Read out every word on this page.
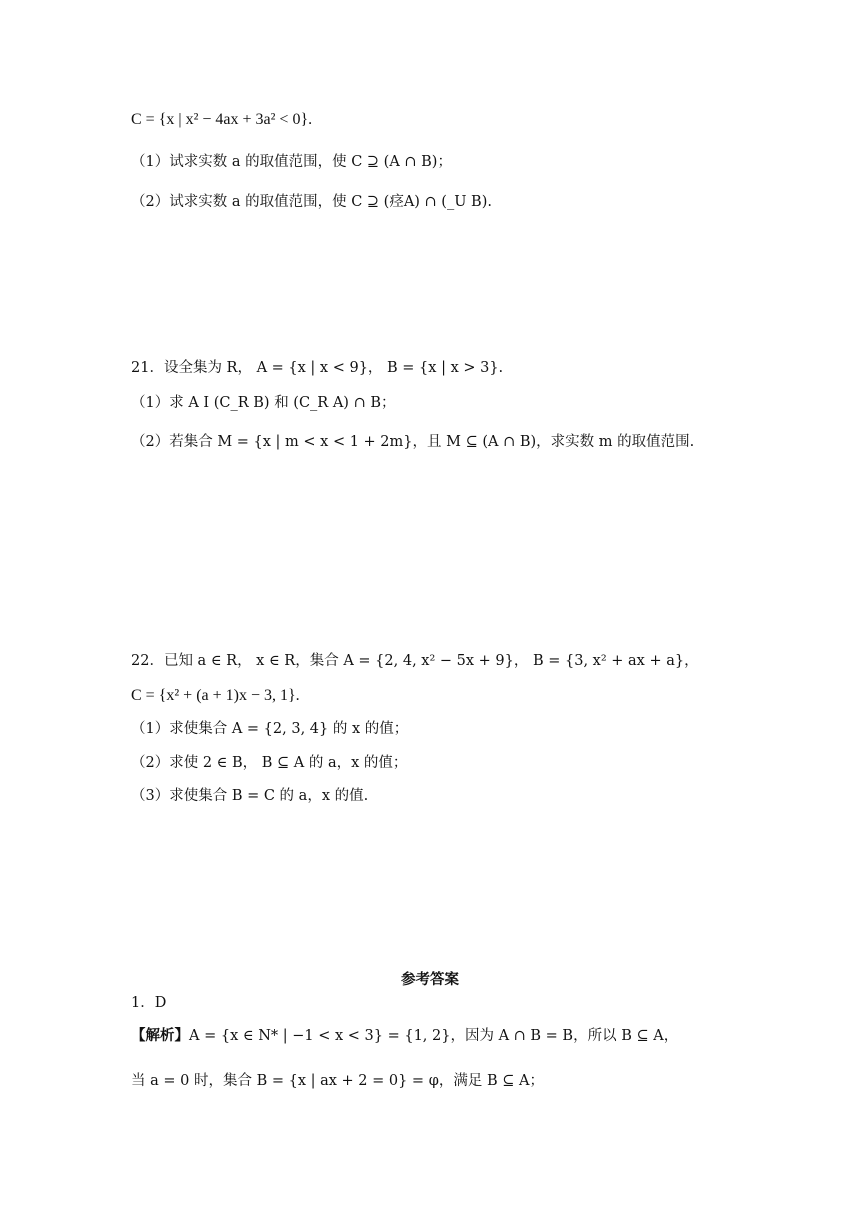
C = {x | x² − 4ax + 3a² < 0}.
（1）试求实数 a 的取值范围，使 C ⊇ (A ∩ B)；
（2）试求实数 a 的取值范围，使 C ⊇ (痉A) ∩ (_U B).
21．设全集为 R， A = {x | x < 9}， B = {x | x > 3}.
（1）求 A I (C_R B) 和 (C_R A) ∩ B；
（2）若集合 M = {x | m < x < 1 + 2m}，且 M ⊆ (A ∩ B)，求实数 m 的取值范围.
22．已知 a ∈ R， x ∈ R，集合 A = {2, 4, x² − 5x + 9}， B = {3, x² + ax + a}，
C = {x² + (a + 1)x − 3, 1}.
（1）求使集合 A = {2, 3, 4} 的 x 的值；
（2）求使 2 ∈ B， B ⊆ A 的 a，x 的值；
（3）求使集合 B = C 的 a，x 的值.
参考答案
1．D
【解析】A = {x ∈ N* | −1 < x < 3} = {1, 2}，因为 A ∩ B = B，所以 B ⊆ A，
当 a = 0 时，集合 B = {x | ax + 2 = 0} = φ，满足 B ⊆ A；
